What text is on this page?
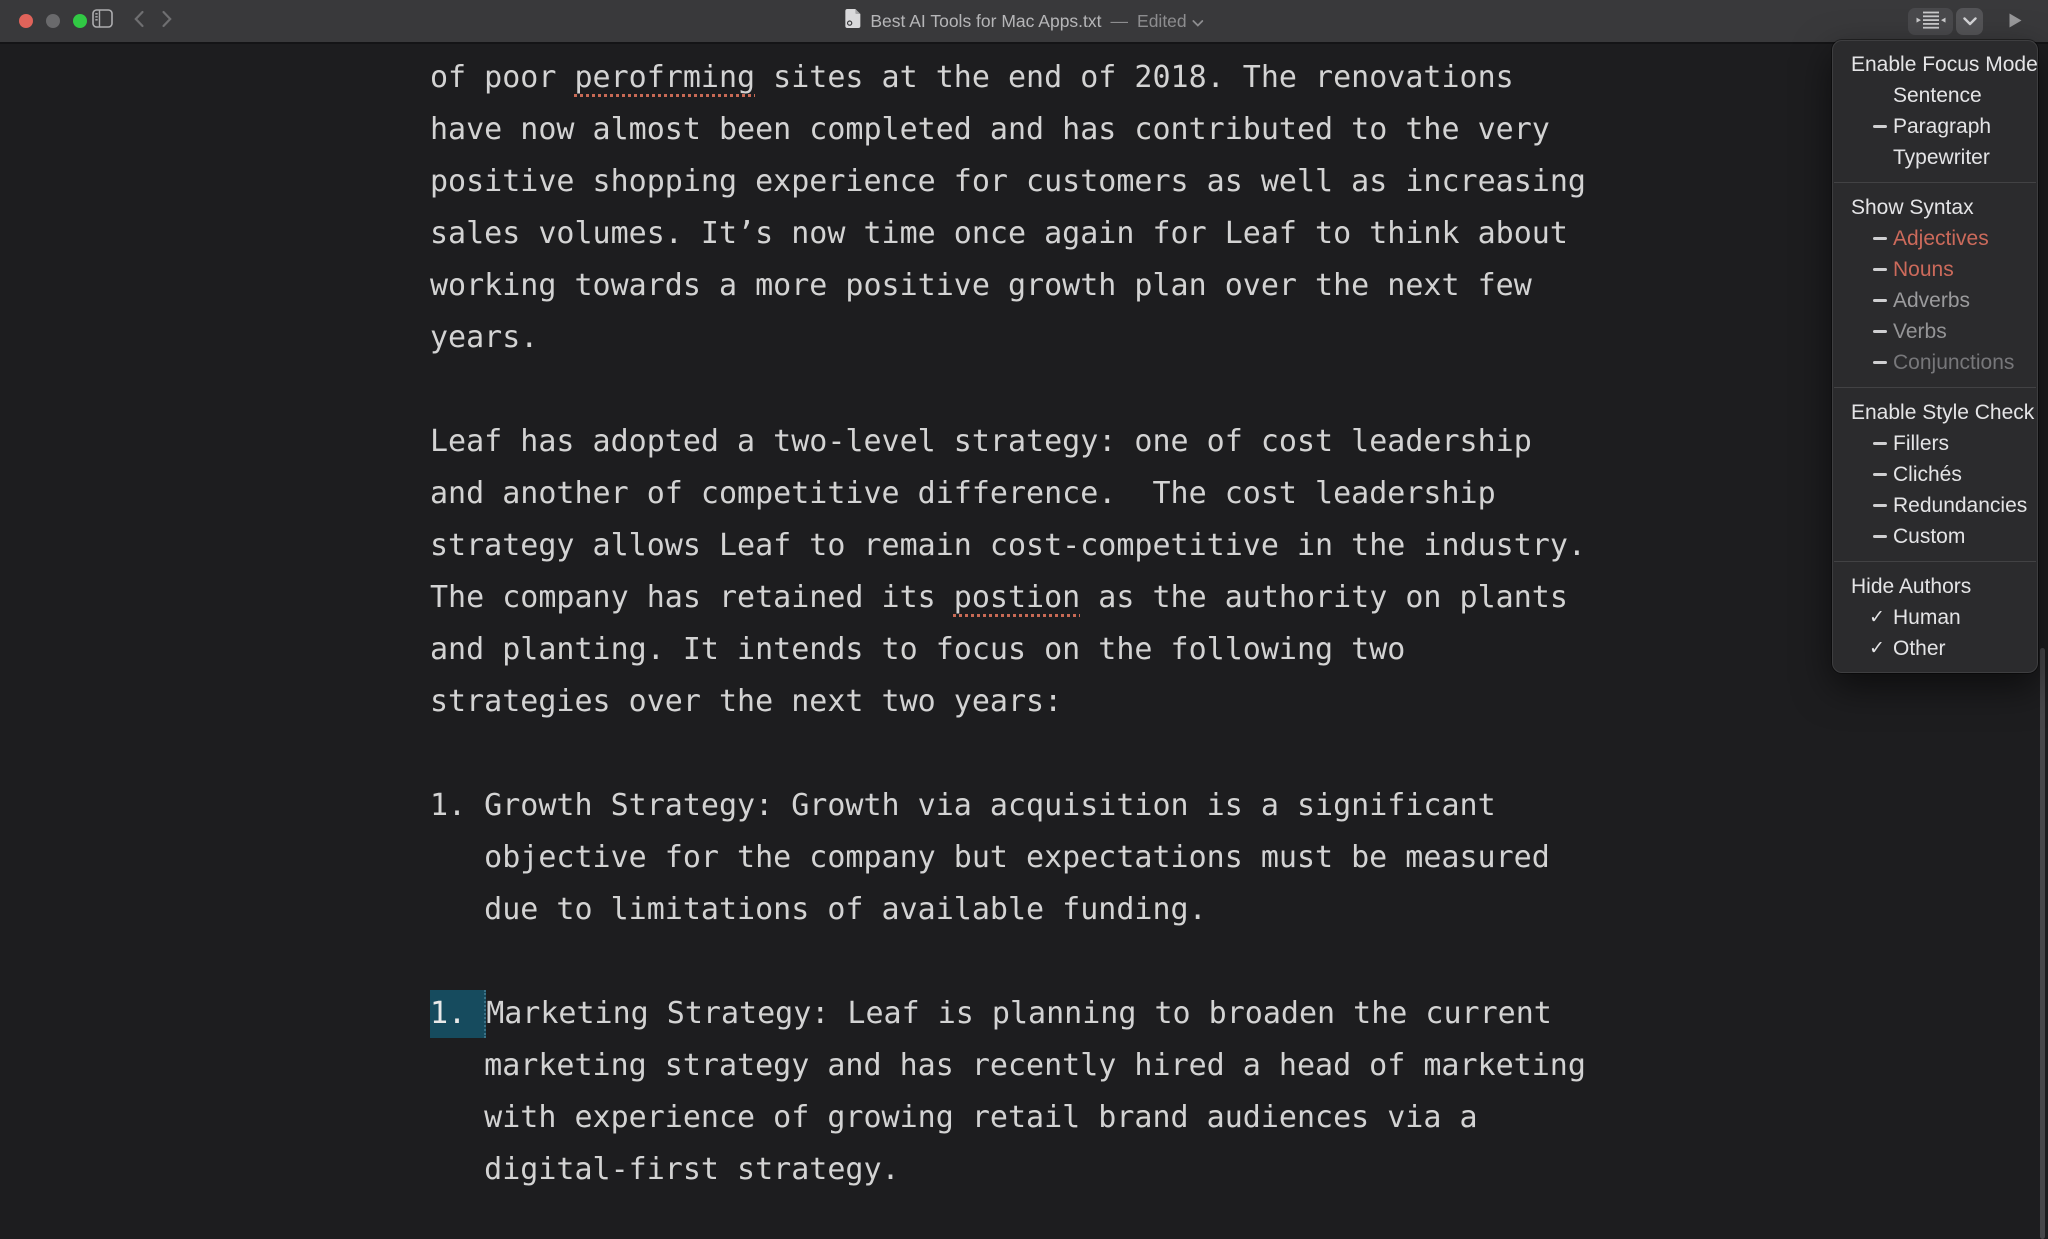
Best AI Tools for Mac Apps.txt — Edited
of poor perofrming sites at the end of 2018. The renovations
have now almost been completed and has contributed to the very
positive shopping experience for customers as well as increasing
sales volumes. It’s now time once again for Leaf to think about
working towards a more positive growth plan over the next few
years.
Leaf has adopted a two-level strategy: one of cost leadership
and another of competitive difference.  The cost leadership
strategy allows Leaf to remain cost-competitive in the industry.
The company has retained its postion as the authority on plants
and planting. It intends to focus on the following two
strategies over the next two years:
1. Growth Strategy: Growth via acquisition is a significant
objective for the company but expectations must be measured
due to limitations of available funding.
1. Marketing Strategy: Leaf is planning to broaden the current
marketing strategy and has recently hired a head of marketing
with experience of growing retail brand audiences via a
digital-first strategy.
Enable Focus Mode
Sentence
Paragraph
Typewriter
Show Syntax
Adjectives
Nouns
Adverbs
Verbs
Conjunctions
Enable Style Check
Fillers
Clichés
Redundancies
Custom
Hide Authors
✓ Human
✓ Other
